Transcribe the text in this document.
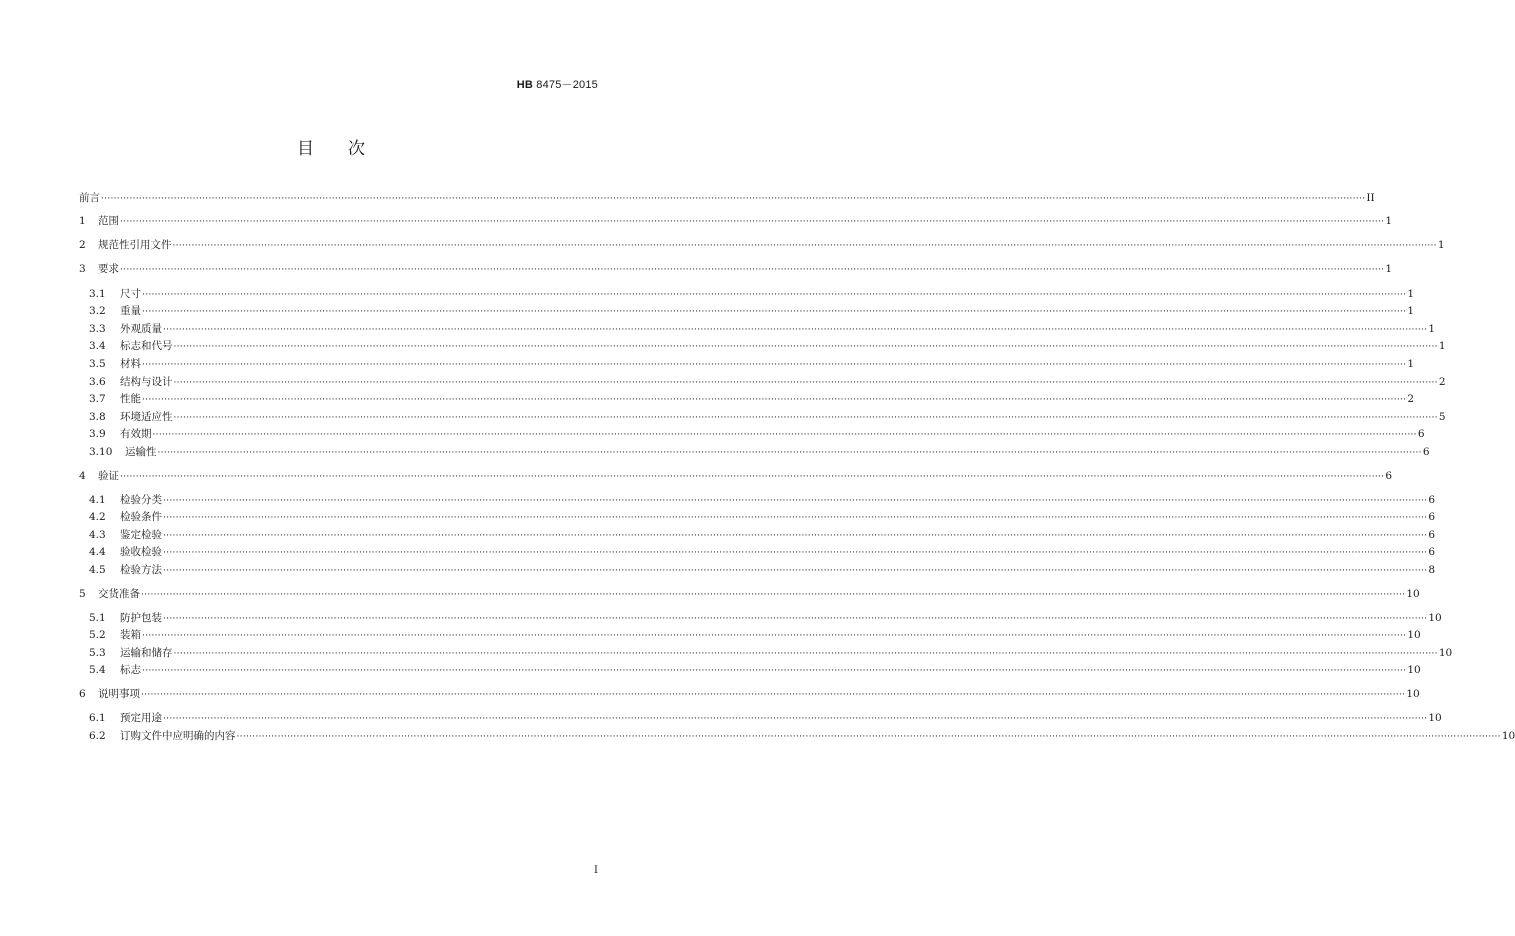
HB 8475－2015
目次
前言 ················································································································································································································································································································································································································ II
1	范围 ················································································································································································································································································································································································································ 1
2	规范性引用文件 ················································································································································································································································································································································································································ 1
3	要求 ················································································································································································································································································································································································································ 1
3.1	尺寸 ················································································································································································································································································································································································································ 1
3.2	重量 ················································································································································································································································································································································································································ 1
3.3	外观质量 ················································································································································································································································································································································································································ 1
3.4	标志和代号 ················································································································································································································································································································································································································ 1
3.5	材料 ················································································································································································································································································································································································································ 1
3.6	结构与设计 ················································································································································································································································································································································································································ 2
3.7	性能 ················································································································································································································································································································································································································ 2
3.8	环境适应性 ················································································································································································································································································································································································································ 5
3.9	有效期 ················································································································································································································································································································································································································ 6
3.10	运输性 ················································································································································································································································································································································································································ 6
4	验证 ················································································································································································································································································································································································································ 6
4.1	检验分类 ················································································································································································································································································································································································································ 6
4.2	检验条件 ················································································································································································································································································································································································································ 6
4.3	鉴定检验 ················································································································································································································································································································································································································ 6
4.4	验收检验 ················································································································································································································································································································································································································ 6
4.5	检验方法 ················································································································································································································································································································································································································ 8
5	交货准备 ················································································································································································································································································································································································································ 10
5.1	防护包装 ················································································································································································································································································································································································································ 10
5.2	装箱 ················································································································································································································································································································································································································ 10
5.3	运输和储存 ················································································································································································································································································································································································································ 10
5.4	标志 ················································································································································································································································································································································································································ 10
6	说明事项 ················································································································································································································································································································································································································ 10
6.1	预定用途 ················································································································································································································································································································································································································ 10
6.2	订购文件中应明确的内容 ················································································································································································································································································································································································································ 10
I
